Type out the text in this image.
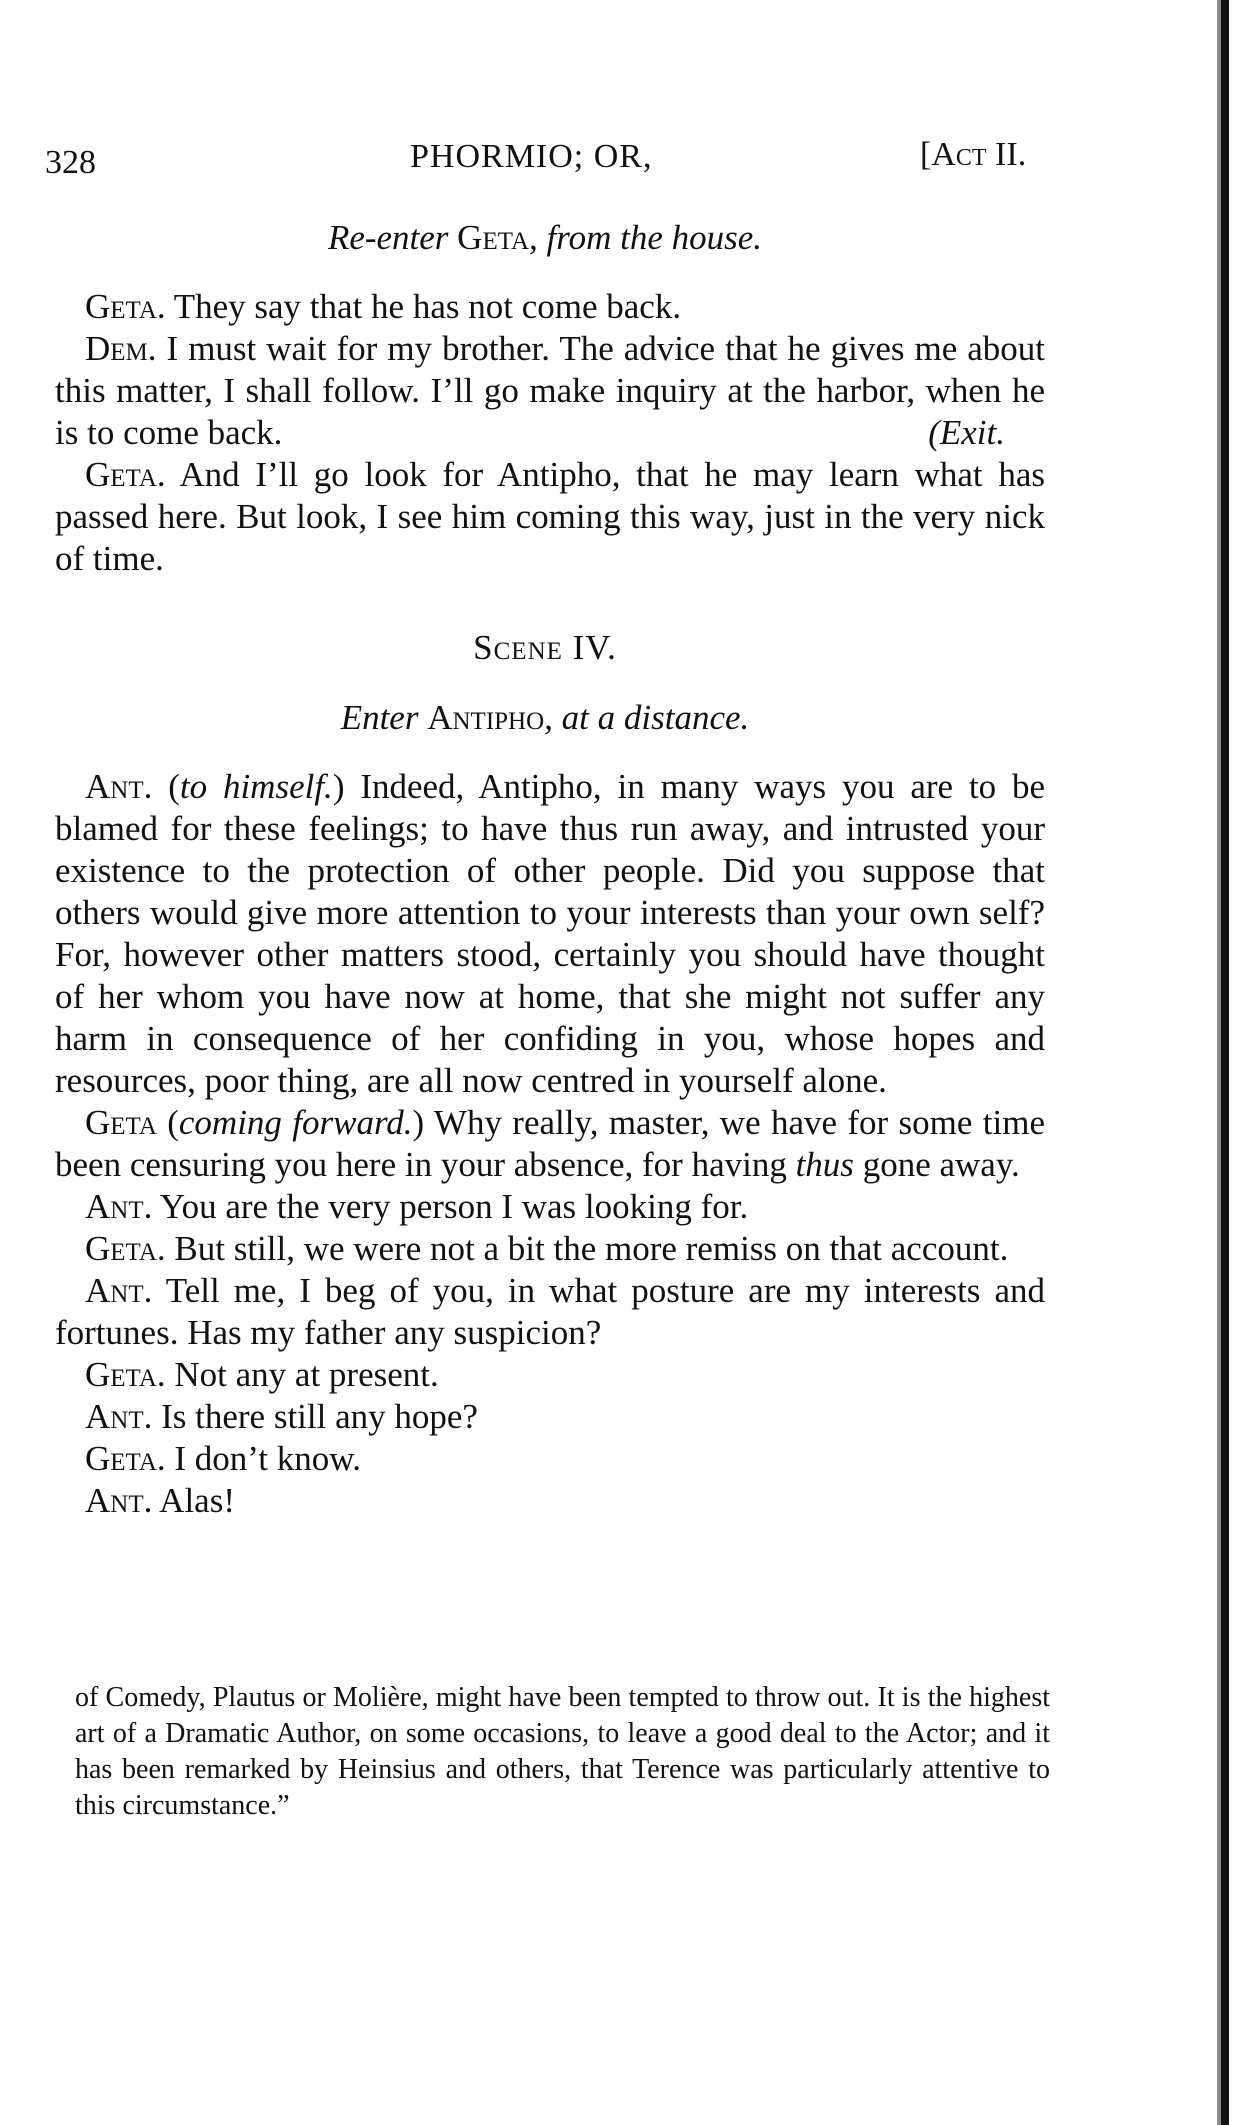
328	PHORMIO; OR,	[Act II.
Re-enter Geta, from the house.

Geta. They say that he has not come back.

Dem. I must wait for my brother. The advice that he gives me about this matter, I shall follow. I’ll go make inquiry at the harbor, when he is to come back.	(Exit.

Geta. And I’ll go look for Antipho, that he may learn what has passed here. But look, I see him coming this way, just in the very nick of time.

Scene IV.
Enter Antipho, at a distance.

Ant. (to himself.) Indeed, Antipho, in many ways you are to be blamed for these feelings; to have thus run away, and intrusted your existence to the protection of other people. Did you suppose that others would give more attention to your interests than your own self? For, however other matters stood, certainly you should have thought of her whom you have now at home, that she might not suffer any harm in consequence of her confiding in you, whose hopes and resources, poor thing, are all now centred in yourself alone.

Geta (coming forward.) Why really, master, we have for some time been censuring you here in your absence, for having thus gone away.

Ant. You are the very person I was looking for.

Geta. But still, we were not a bit the more remiss on that account.

Ant. Tell me, I beg of you, in what posture are my interests and fortunes. Has my father any suspicion?

Geta. Not any at present.

Ant. Is there still any hope?

Geta. I don’t know.

Ant. Alas!

of Comedy, Plautus or Molière, might have been tempted to throw out. It is the highest art of a Dramatic Author, on some occasions, to leave a good deal to the Actor; and it has been remarked by Heinsius and others, that Terence was particularly attentive to this circumstance.”
